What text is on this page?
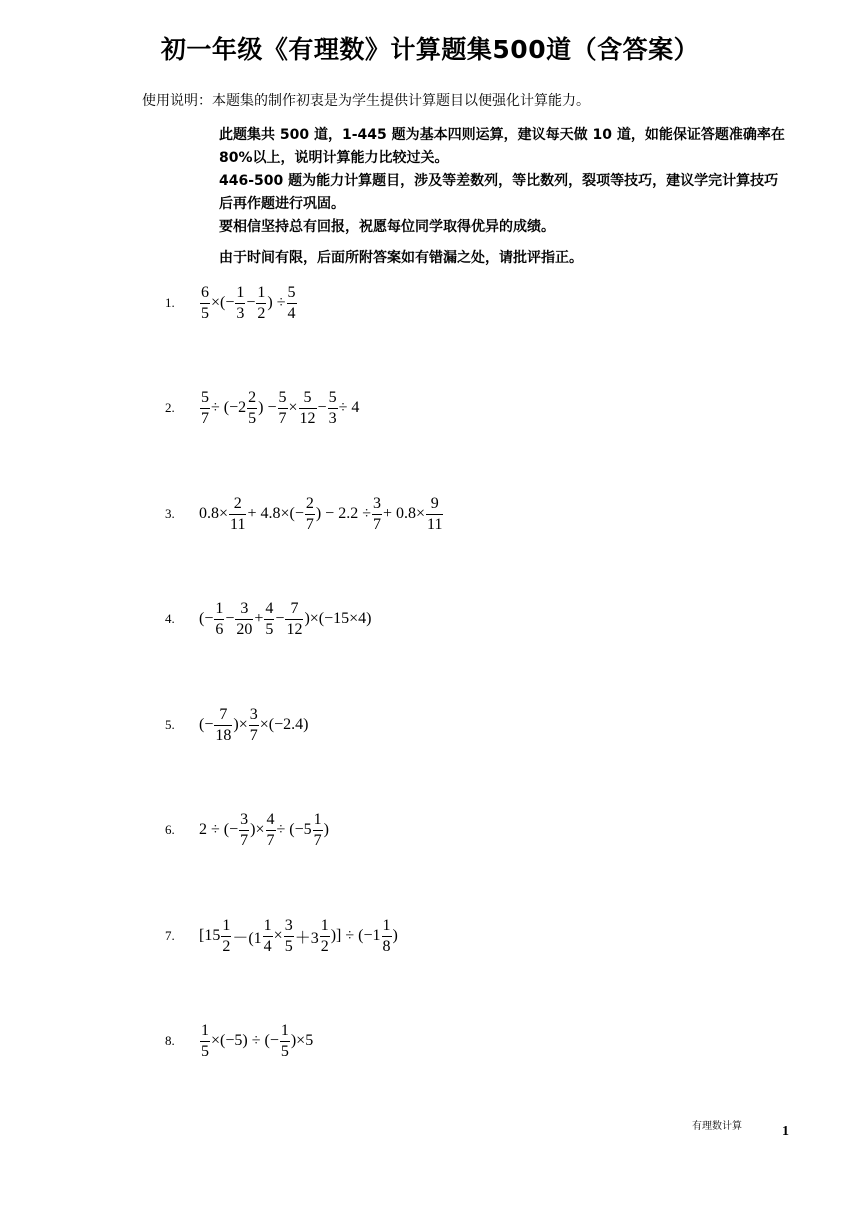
初一年级《有理数》计算题集500道（含答案）
使用说明：本题集的制作初衷是为学生提供计算题目以便强化计算能力。

此题集共 500 道，1-445 题为基本四则运算，建议每天做 10 道，如能保证答题准确率在 80%以上，说明计算能力比较过关。

446-500 题为能力计算题目，涉及等差数列，等比数列，裂项等技巧，建议学完计算技巧后再作题进行巩固。

要相信坚持总有回报，祝愿每位同学取得优异的成绩。

由于时间有限，后面所附答案如有错漏之处，请批评指正。

1.	$\frac{6}{5}$ ×(− $\frac{1}{3} - \frac{1}{2}$ ) ÷ $\frac{5}{4}$
2.	$\frac{5}{7} \div (-2 \frac{2}{5}$ ) − $\frac{5}{7} \times \frac{5}{12} - \frac{5}{3} \div 4$
3.	$0.8\times \frac{2}{11} + 4.8\times(- \frac{2}{7}$ ) − $2.2 \div \frac{3}{7} + 0.8\times \frac{9}{11}$
4.	(− $\frac{1}{6} - \frac{3}{20} + \frac{4}{5} - \frac{7}{12} )\times(-15\times 4)$
5.	(− $\frac{7}{18}$ )× $\frac{3}{7} \times(-2.4)$
6.	2 ÷ (− $\frac{3}{7}$ )× $\frac{4}{7} \div (-5 \frac{1}{7}$ )
7.	[$15 \frac{1}{2} -(1 \frac{1}{4} \times \frac{3}{5} +3 \frac{1}{2}$ )] ÷ ($-1 \frac{1}{8}$ )
8.	$\frac{1}{5} \times(-5)$ ÷ (− $\frac{1}{5} )\times 5$
有理数计算	1
